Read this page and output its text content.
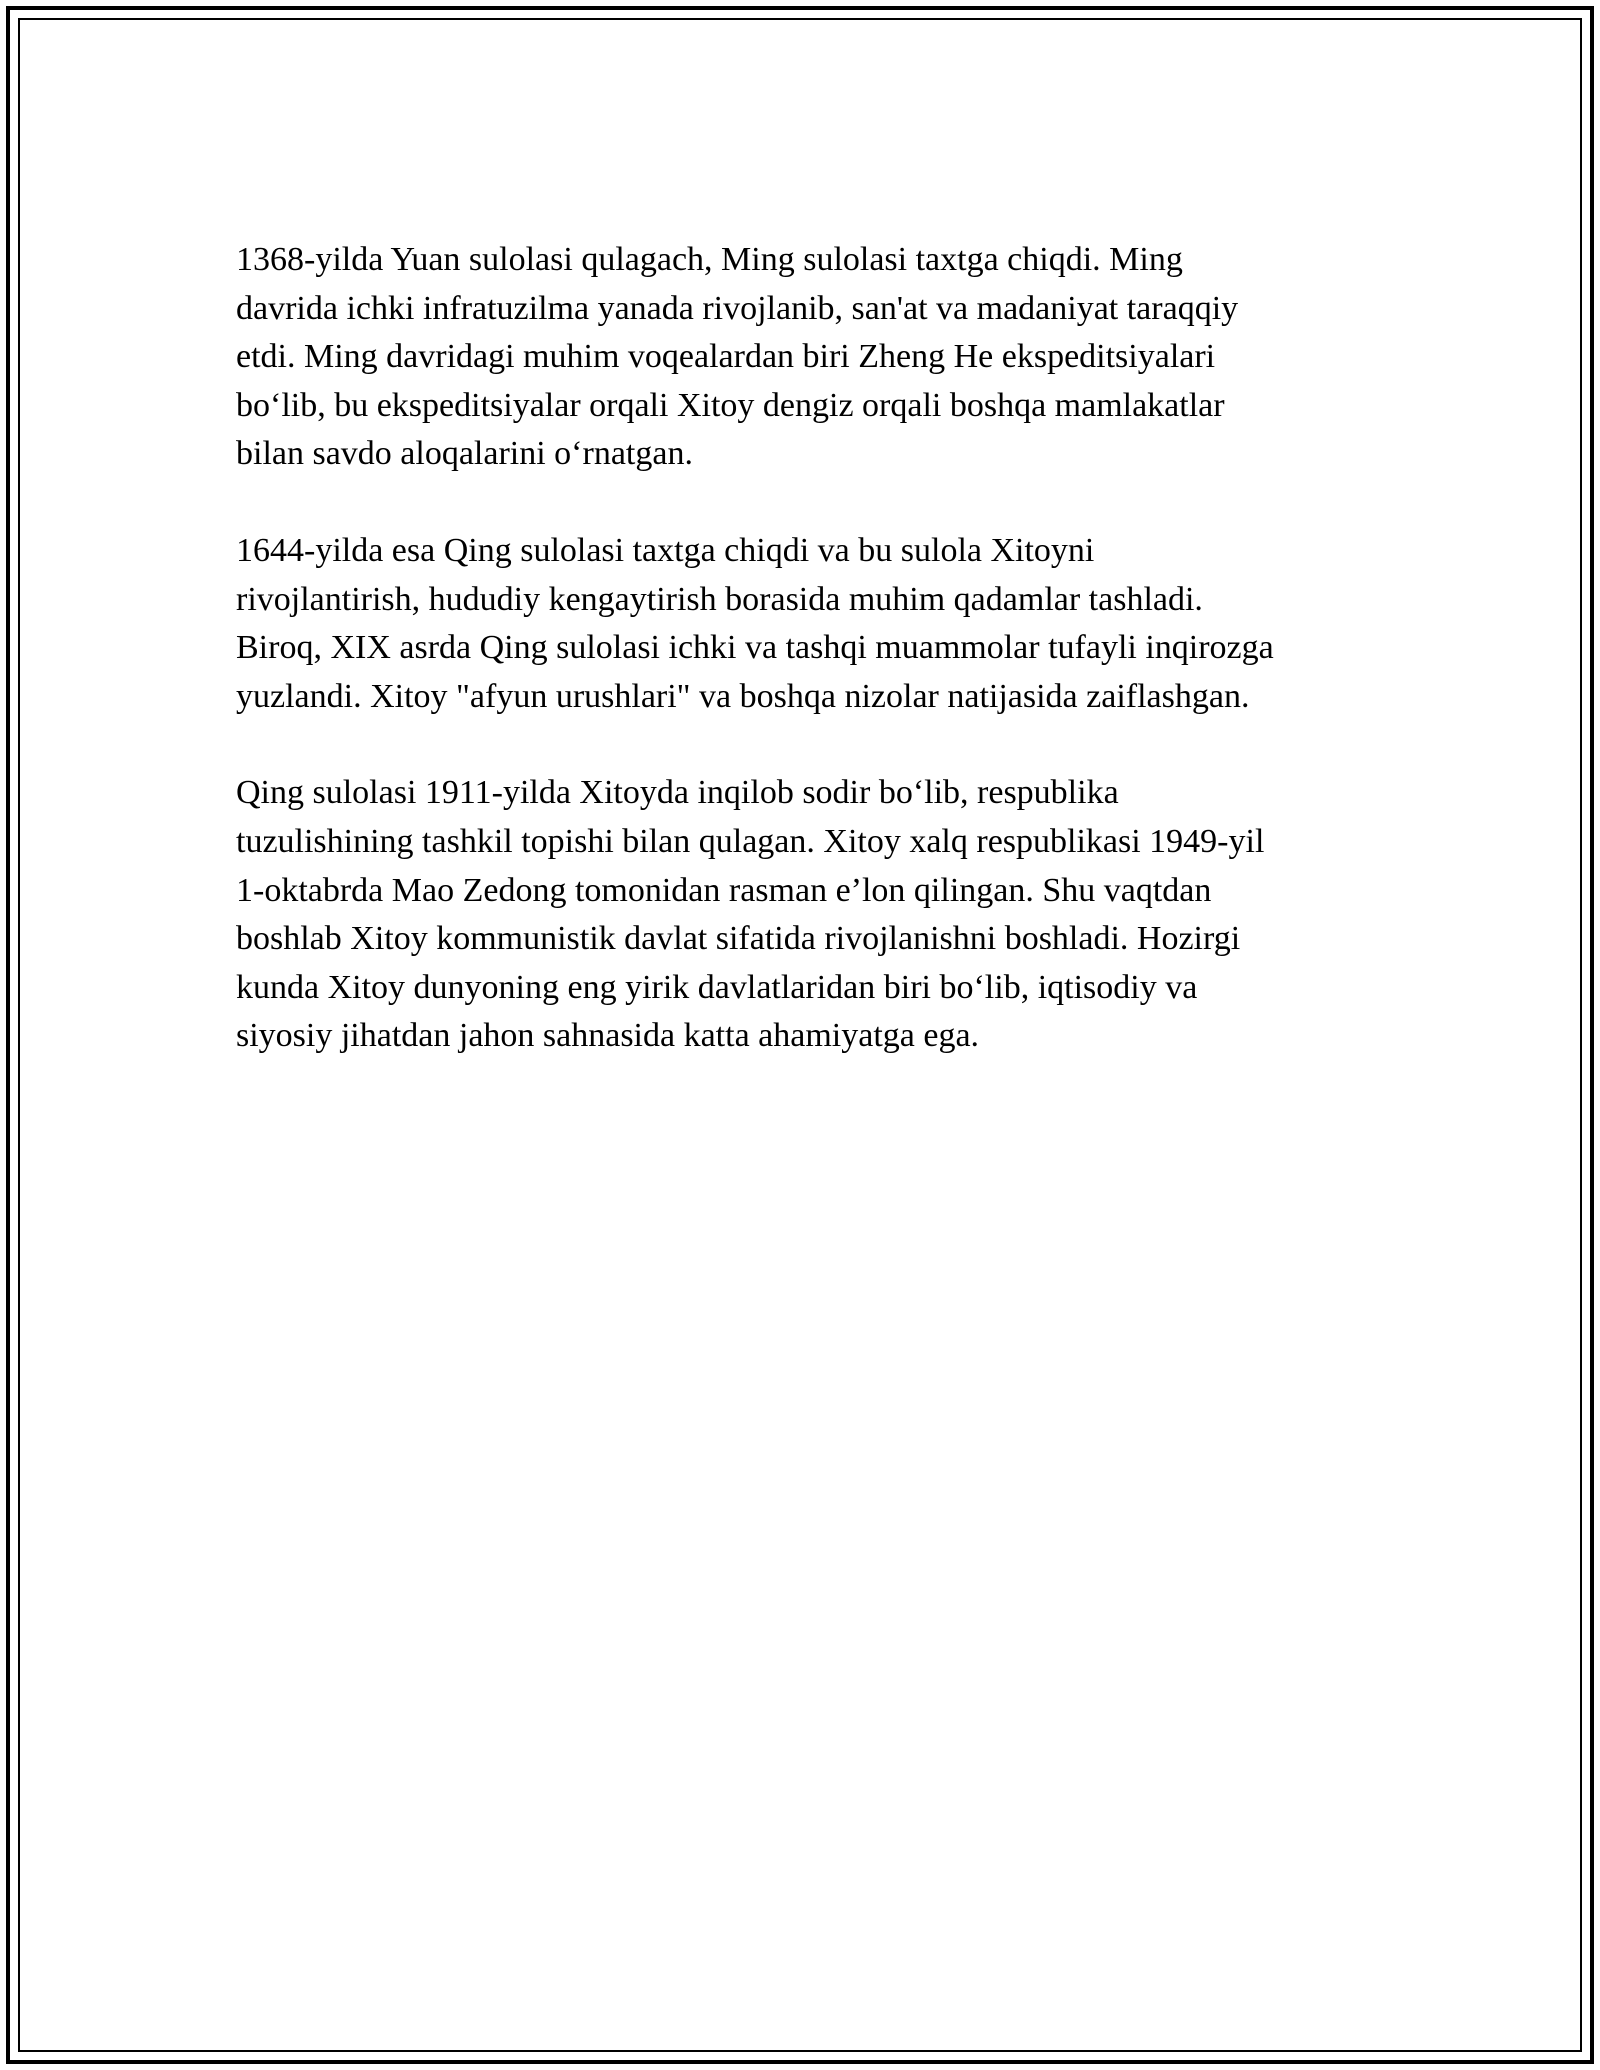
1368-yilda Yuan sulolasi qulagach, Ming sulolasi taxtga chiqdi. Ming
davrida ichki infratuzilma yanada rivojlanib, san'at va madaniyat taraqqiy
etdi. Ming davridagi muhim voqealardan biri Zheng He ekspeditsiyalari
bo‘lib, bu ekspeditsiyalar orqali Xitoy dengiz orqali boshqa mamlakatlar
bilan savdo aloqalarini o‘rnatgan.

1644-yilda esa Qing sulolasi taxtga chiqdi va bu sulola Xitoyni
rivojlantirish, hududiy kengaytirish borasida muhim qadamlar tashladi.
Biroq, XIX asrda Qing sulolasi ichki va tashqi muammolar tufayli inqirozga
yuzlandi. Xitoy "afyun urushlari" va boshqa nizolar natijasida zaiflashgan.

Qing sulolasi 1911-yilda Xitoyda inqilob sodir bo‘lib, respublika
tuzulishining tashkil topishi bilan qulagan. Xitoy xalq respublikasi 1949-yil
1-oktabrda Mao Zedong tomonidan rasman e’lon qilingan. Shu vaqtdan
boshlab Xitoy kommunistik davlat sifatida rivojlanishni boshladi. Hozirgi
kunda Xitoy dunyoning eng yirik davlatlaridan biri bo‘lib, iqtisodiy va
siyosiy jihatdan jahon sahnasida katta ahamiyatga ega.
